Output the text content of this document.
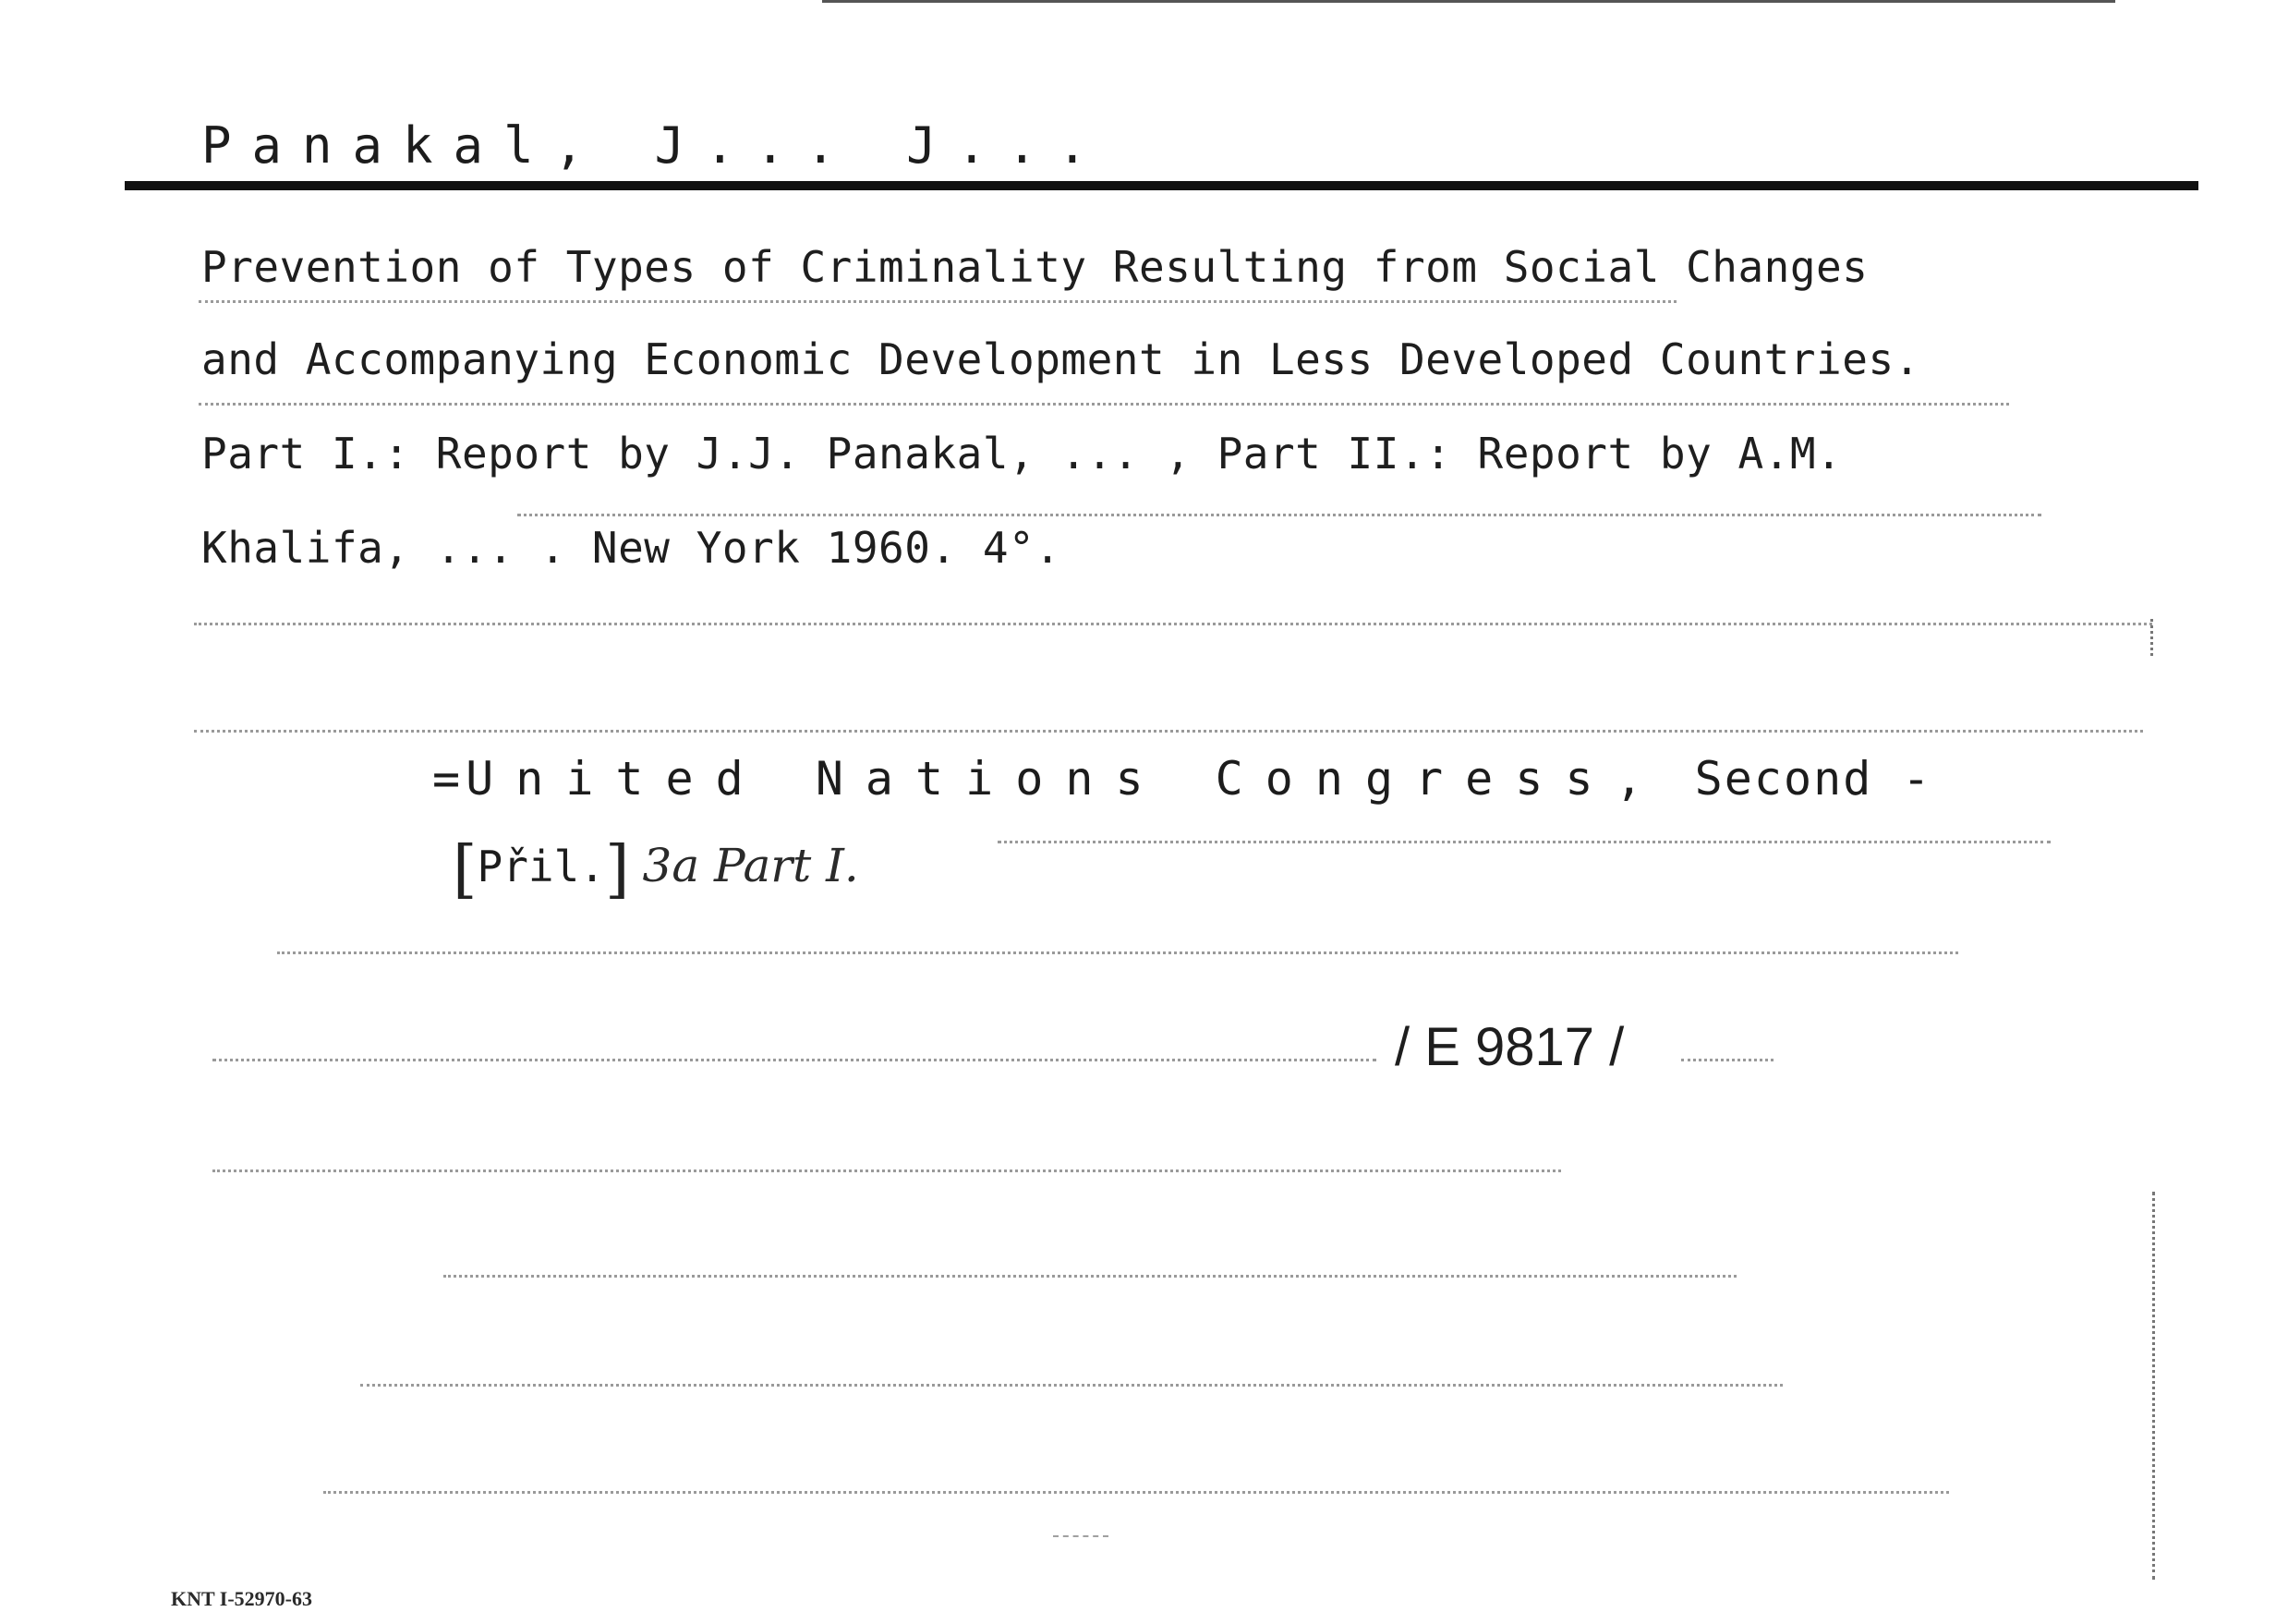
Panakal, J... J...
Prevention of Types of Criminality Resulting from Social Changes
and Accompanying Economic Development in Less Developed Countries.
Part I.: Report by J.J. Panakal, ... , Part II.: Report by A.M.
Khalifa, ... . New York 1960. 4°.
=United Nations Congress, Second -
[Přil.] 3a Part I.
/ E 9817 /
KNT I-52970-63
